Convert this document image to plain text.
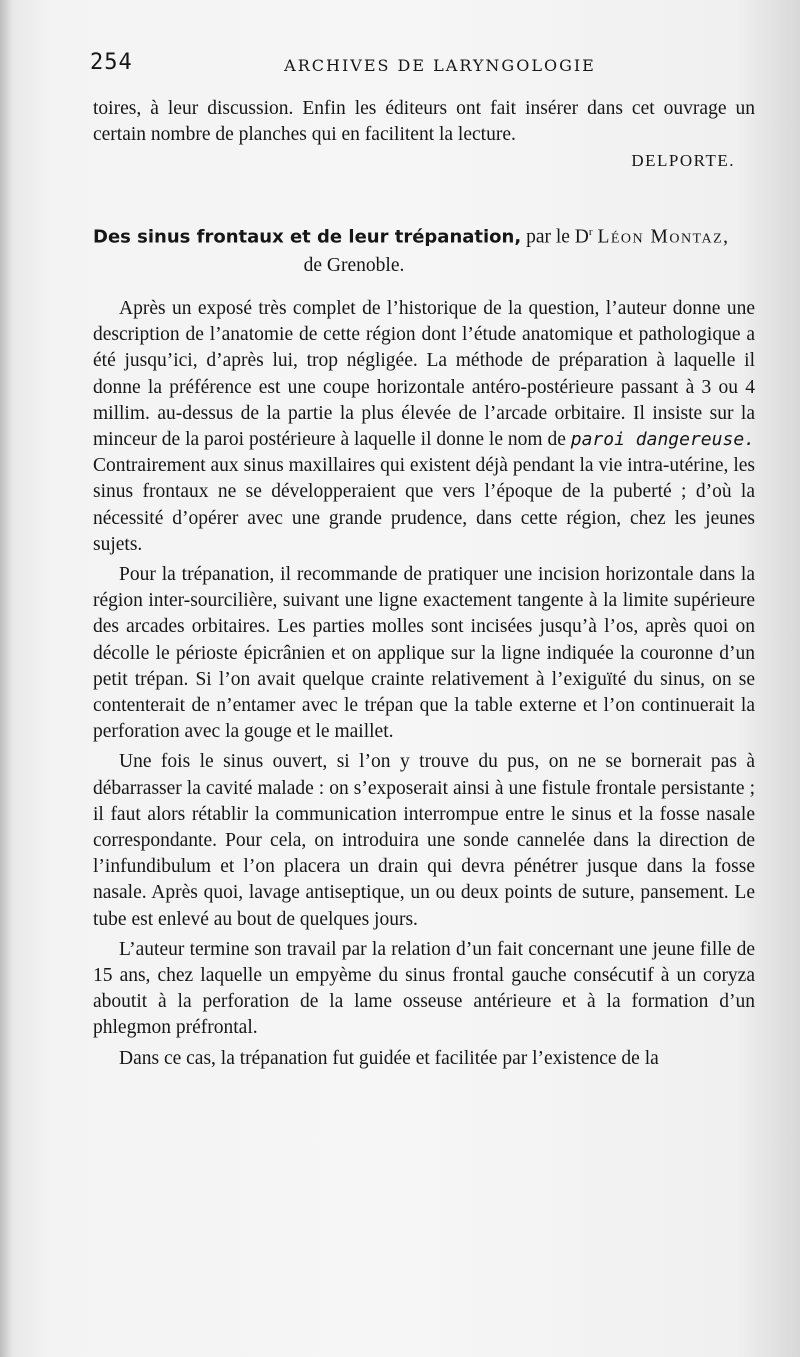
254	ARCHIVES DE LARYNGOLOGIE

toires, à leur discussion. Enfin les éditeurs ont fait insérer dans cet ouvrage un certain nombre de planches qui en facilitent la lecture.

DELPORTE.
Des sinus frontaux et de leur trépanation, par le $D^r$ Léon Montaz,
de Grenoble.

Après un exposé très complet de l’historique de la question, l’auteur donne une description de l’anatomie de cette région dont l’étude anatomique et pathologique a été jusqu’ici, d’après lui, trop négligée. La méthode de préparation à laquelle il donne la préférence est une coupe horizontale antéro-postérieure passant à 3 ou 4 millim. au-dessus de la partie la plus élevée de l’arcade orbitaire. Il insiste sur la minceur de la paroi postérieure à laquelle il donne le nom de paroi dangereuse. Contrairement aux sinus maxillaires qui existent déjà pendant la vie intra-utérine, les sinus frontaux ne se développeraient que vers l’époque de la puberté ; d’où la nécessité d’opérer avec une grande prudence, dans cette région, chez les jeunes sujets.

Pour la trépanation, il recommande de pratiquer une incision horizontale dans la région inter-sourcilière, suivant une ligne exactement tangente à la limite supérieure des arcades orbitaires. Les parties molles sont incisées jusqu’à l’os, après quoi on décolle le périoste épicrânien et on applique sur la ligne indiquée la couronne d’un petit trépan. Si l’on avait quelque crainte relativement à l’exiguïté du sinus, on se contenterait de n’entamer avec le trépan que la table externe et l’on continuerait la perforation avec la gouge et le maillet.

Une fois le sinus ouvert, si l’on y trouve du pus, on ne se bornerait pas à débarrasser la cavité malade : on s’exposerait ainsi à une fistule frontale persistante ; il faut alors rétablir la communication interrompue entre le sinus et la fosse nasale correspondante. Pour cela, on introduira une sonde cannelée dans la direction de l’infundibulum et l’on placera un drain qui devra pénétrer jusque dans la fosse nasale. Après quoi, lavage antiseptique, un ou deux points de suture, pansement. Le tube est enlevé au bout de quelques jours.

L’auteur termine son travail par la relation d’un fait concernant une jeune fille de 15 ans, chez laquelle un empyème du sinus frontal gauche consécutif à un coryza aboutit à la perforation de la lame osseuse antérieure et à la formation d’un phlegmon préfrontal.

Dans ce cas, la trépanation fut guidée et facilitée par l’existence de la
